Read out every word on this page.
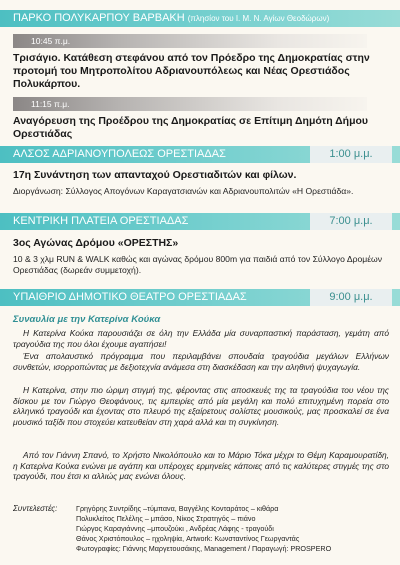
ΠΑΡΚΟ ΠΟΛΥΚΑΡΠΟΥ ΒΑΡΒΑΚΗ (πλησίον του Ι. Μ. Ν. Αγίων Θεοδώρων)
10:45 π.μ.
Τρισάγιο. Κατάθεση στεφάνου από τον Πρόεδρο της Δημοκρατίας στην προτομή του Μητροπολίτου Αδριανουπόλεως και Νέας Ορεστιάδος Πολυκάρπου.
11:15 π.μ.
Αναγόρευση της Προέδρου της Δημοκρατίας σε Επίτιμη Δημότη Δήμου Ορεστιάδας
ΑΛΣΟΣ ΑΔΡΙΑΝΟΥΠΟΛΕΩΣ ΟΡΕΣΤΙΑΔΑΣ	1:00 μ.μ.
17η Συνάντηση των απανταχού Ορεστιαδιτών και φίλων.
Διοργάνωση: Σύλλογος Απογόνων Καραγατσιανών και Αδριανουπολιτών «Η Ορεστιάδα».
ΚΕΝΤΡΙΚΗ ΠΛΑΤΕΙΑ ΟΡΕΣΤΙΑΔΑΣ	7:00 μ.μ.
3ος Αγώνας Δρόμου «ΟΡΕΣΤΗΣ»
10 & 3 χλμ RUN & WALK καθώς και αγώνας δρόμου 800m για παιδιά από τον Σύλλογο Δρομέων Ορεστιάδας (δωρεάν συμμετοχή).
ΥΠΑΙΘΡΙΟ ΔΗΜΟΤΙΚΟ ΘΕΑΤΡΟ ΟΡΕΣΤΙΑΔΑΣ	9:00 μ.μ.
Συναυλία με την Κατερίνα Κούκα

Η Κατερίνα Κούκα παρουσιάζει σε όλη την Ελλάδα μία συναρπαστική παράσταση, γεμάτη από τραγούδια της που όλοι έχουμε αγαπήσει!

Ένα απολαυστικό πρόγραμμα που περιλαμβάνει σπουδαία τραγούδια μεγάλων Ελλήνων συνθετών, ισορροπώντας με δεξιοτεχνία ανάμεσα στη διασκέδαση και την αληθινή ψυχαγωγία.

Η Κατερίνα, στην πιο ώριμη στιγμή της, φέροντας στις αποσκευές της τα τραγούδια του νέου της δίσκου με τον Γιώργο Θεοφάνους, τις εμπειρίες από μία μεγάλη και πολύ επιτυχημένη πορεία στο ελληνικό τραγούδι και έχοντας στο πλευρό της εξαίρετους σολίστες μουσικούς, μας προσκαλεί σε ένα μουσικό ταξίδι που στοχεύει κατευθείαν στη χαρά αλλά και τη συγκίνηση.

Από τον Γιάννη Σπανό, το Χρήστο Νικολόπουλο και το Μάριο Τόκα μέχρι το Θέμη Καραμουρατίδη, η Κατερίνα Κούκα ενώνει με αγάπη και υπέροχες ερμηνείες κάποιες από τις καλύτερες στιγμές της στο τραγούδι, που έτσι κι αλλιώς μας ενώνει όλους.

Συντελεστές:	Γρηγόρης Συντρίδης –τύμπανα, Βαγγέλης Κονταράτος – κιθάρα
Πολυκλείτος Πελέλης – μπάσο, Νίκος Στρατηγός – πιάνο
Γιώργος Καραγιάννης –μπουζούκι , Ανδρέας Λάφης - τραγούδι
Θάνος Χριστόπουλος – ηχοληψία, Artwork: Κωνσταντίνος Γεωργαντάς
Φωτογραφίες: Γιάννης Μαργετουσάκης, Management / Παραγωγή: PROSPERO
